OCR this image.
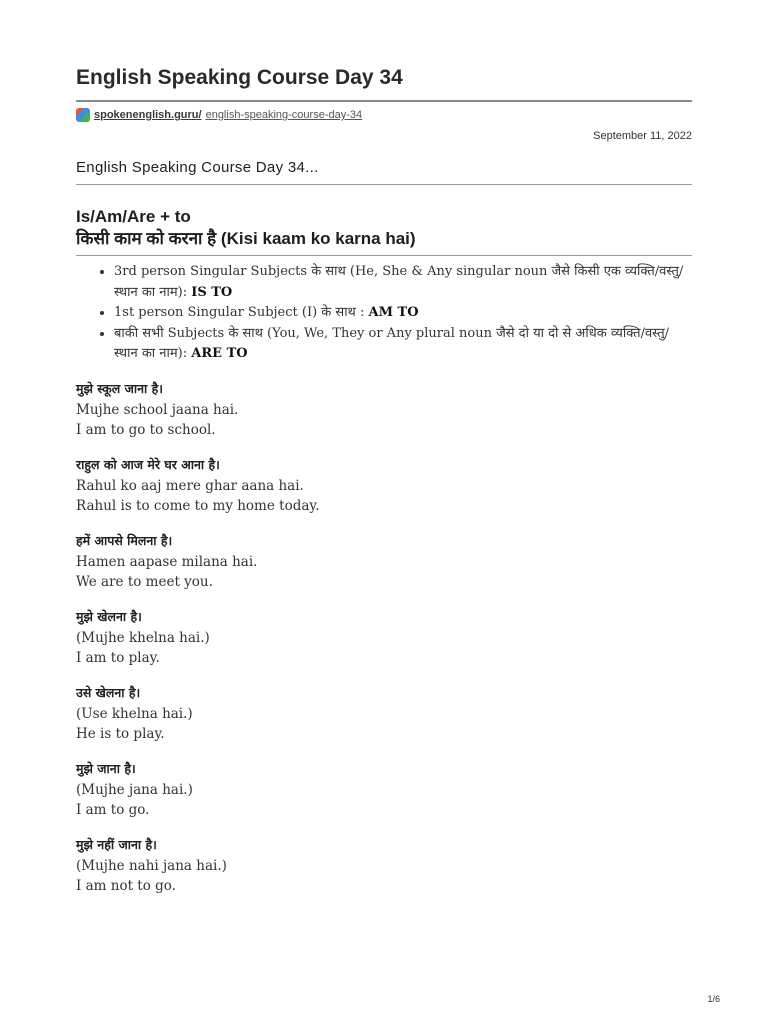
English Speaking Course Day 34
spokenenglish.guru/ english-speaking-course-day-34
September 11, 2022
English Speaking Course Day 34...
Is/Am/Are + to
किसी काम को करना है (Kisi kaam ko karna hai)
• 3rd person Singular Subjects के साथ (He, She & Any singular noun जैसे किसी एक व्यक्ति/वस्तु/स्थान का नाम): IS TO
• 1st person Singular Subject (I) के साथ : AM TO
• बाकी सभी Subjects के साथ (You, We, They or Any plural noun जैसे दो या दो से अधिक व्यक्ति/वस्तु/स्थान का नाम): ARE TO
मुझे स्कूल जाना है।
Mujhe school jaana hai.
I am to go to school.
राहुल को आज मेरे घर आना है।
Rahul ko aaj mere ghar aana hai.
Rahul is to come to my home today.
हमें आपसे मिलना है।
Hamen aapase milana hai.
We are to meet you.
मुझे खेलना है।
(Mujhe khelna hai.)
I am to play.
उसे खेलना है।
(Use khelna hai.)
He is to play.
मुझे जाना है।
(Mujhe jana hai.)
I am to go.
मुझे नहीं जाना है।
(Mujhe nahi jana hai.)
I am not to go.
1/6
